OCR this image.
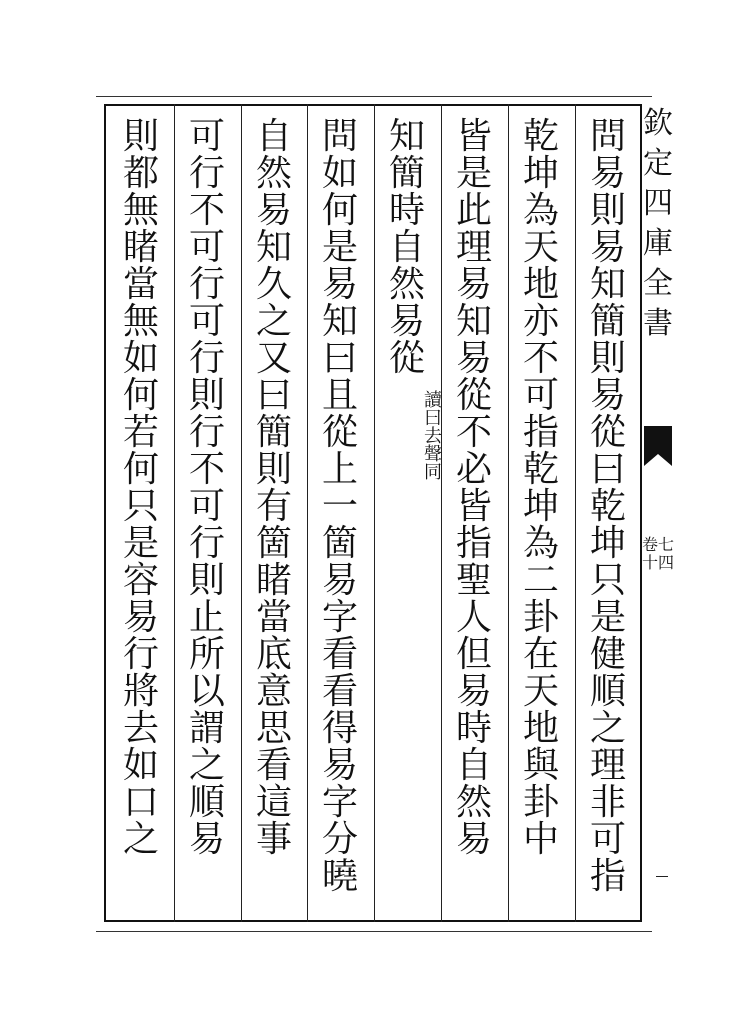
問易則易知簡則易從曰乾坤只是健順之理非可指
乾坤為天地亦不可指乾坤為二卦在天地與卦中
皆是此理易知易從不必皆指聖人但易時自然易
知簡時自然易從
讀曰去聲同
問如何是易知曰且從上一箇易字看看得易字分曉
自然易知久之又曰簡則有箇睹當底意思看這事
可行不可行可行則行不可行則止所以謂之順易
則都無睹當無如何若何只是容易行將去如口之
欽定四庫全書
卷七十四
